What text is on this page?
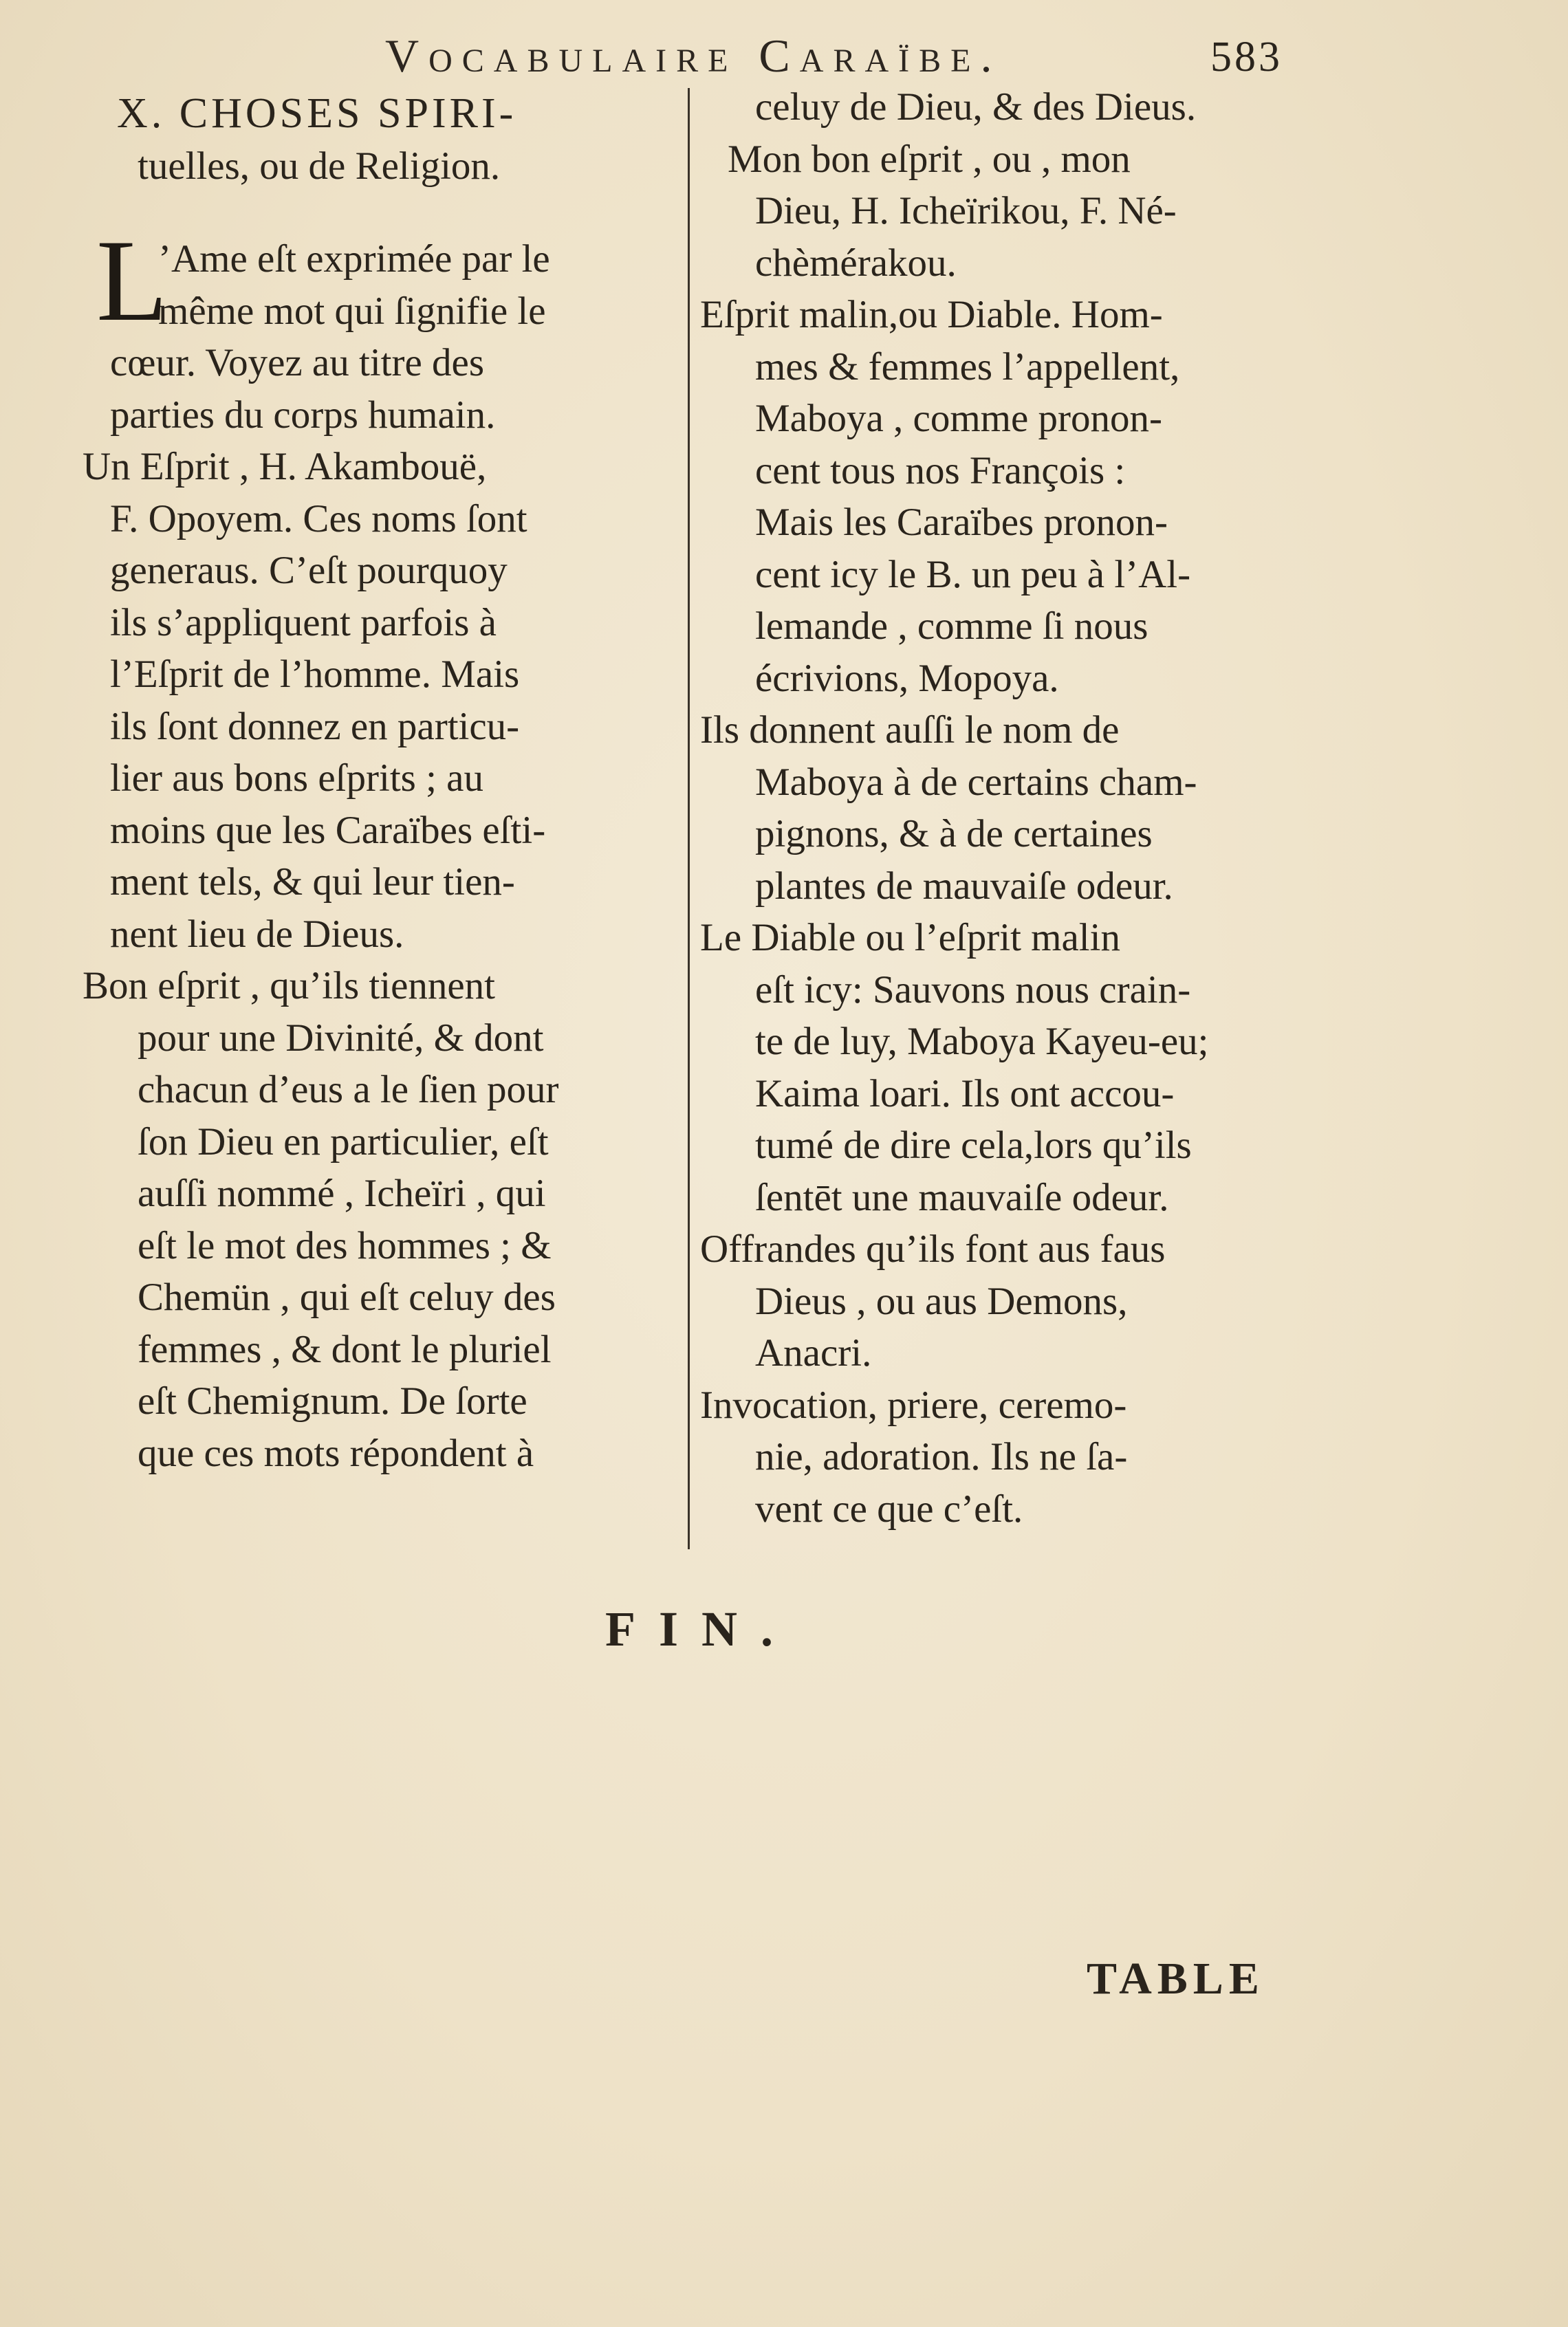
Vocabulaire Caraïbe.	583
X. CHOSES SPIRI-
tuelles, ou de Religion.
L
’Ame eſt exprimée par le
même mot qui ſignifie le
cœur. Voyez au titre des
parties du corps humain.
Un Eſprit , H. Akambouë,
F. Opoyem. Ces noms ſont
generaus. C’eſt pourquoy
ils s’appliquent parfois à
l’Eſprit de l’homme. Mais
ils ſont donnez en particu-
lier aus bons eſprits ; au
moins que les Caraïbes eſti-
ment tels, & qui leur tien-
nent lieu de Dieus.
Bon eſprit , qu’ils tiennent
pour une Divinité, & dont
chacun d’eus a le ſien pour
ſon Dieu en particulier, eſt
auſſi nommé , Icheïri , qui
eſt le mot des hommes ; &
Chemün , qui eſt celuy des
femmes , & dont le pluriel
eſt Chemignum. De ſorte
que ces mots répondent à
celuy de Dieu, & des Dieus.
Mon bon eſprit , ou , mon
Dieu, H. Icheïrikou, F. Né-
chèmérakou.
Eſprit malin,ou Diable. Hom-
mes & femmes l’appellent,
Maboya , comme pronon-
cent tous nos François :
Mais les Caraïbes pronon-
cent icy le B. un peu à l’Al-
lemande , comme ſi nous
écrivions, Mopoya.
Ils donnent auſſi le nom de
Maboya à de certains cham-
pignons, & à de certaines
plantes de mauvaiſe odeur.
Le Diable ou l’eſprit malin
eſt icy: Sauvons nous crain-
te de luy, Maboya Kayeu-eu;
Kaima loari. Ils ont accou-
tumé de dire cela,lors qu’ils
ſentēt une mauvaiſe odeur.
Offrandes qu’ils font aus faus
Dieus , ou aus Demons,
Anacri.
Invocation, priere, ceremo-
nie, adoration. Ils ne ſa-
vent ce que c’eſt.
FIN.
TABLE
